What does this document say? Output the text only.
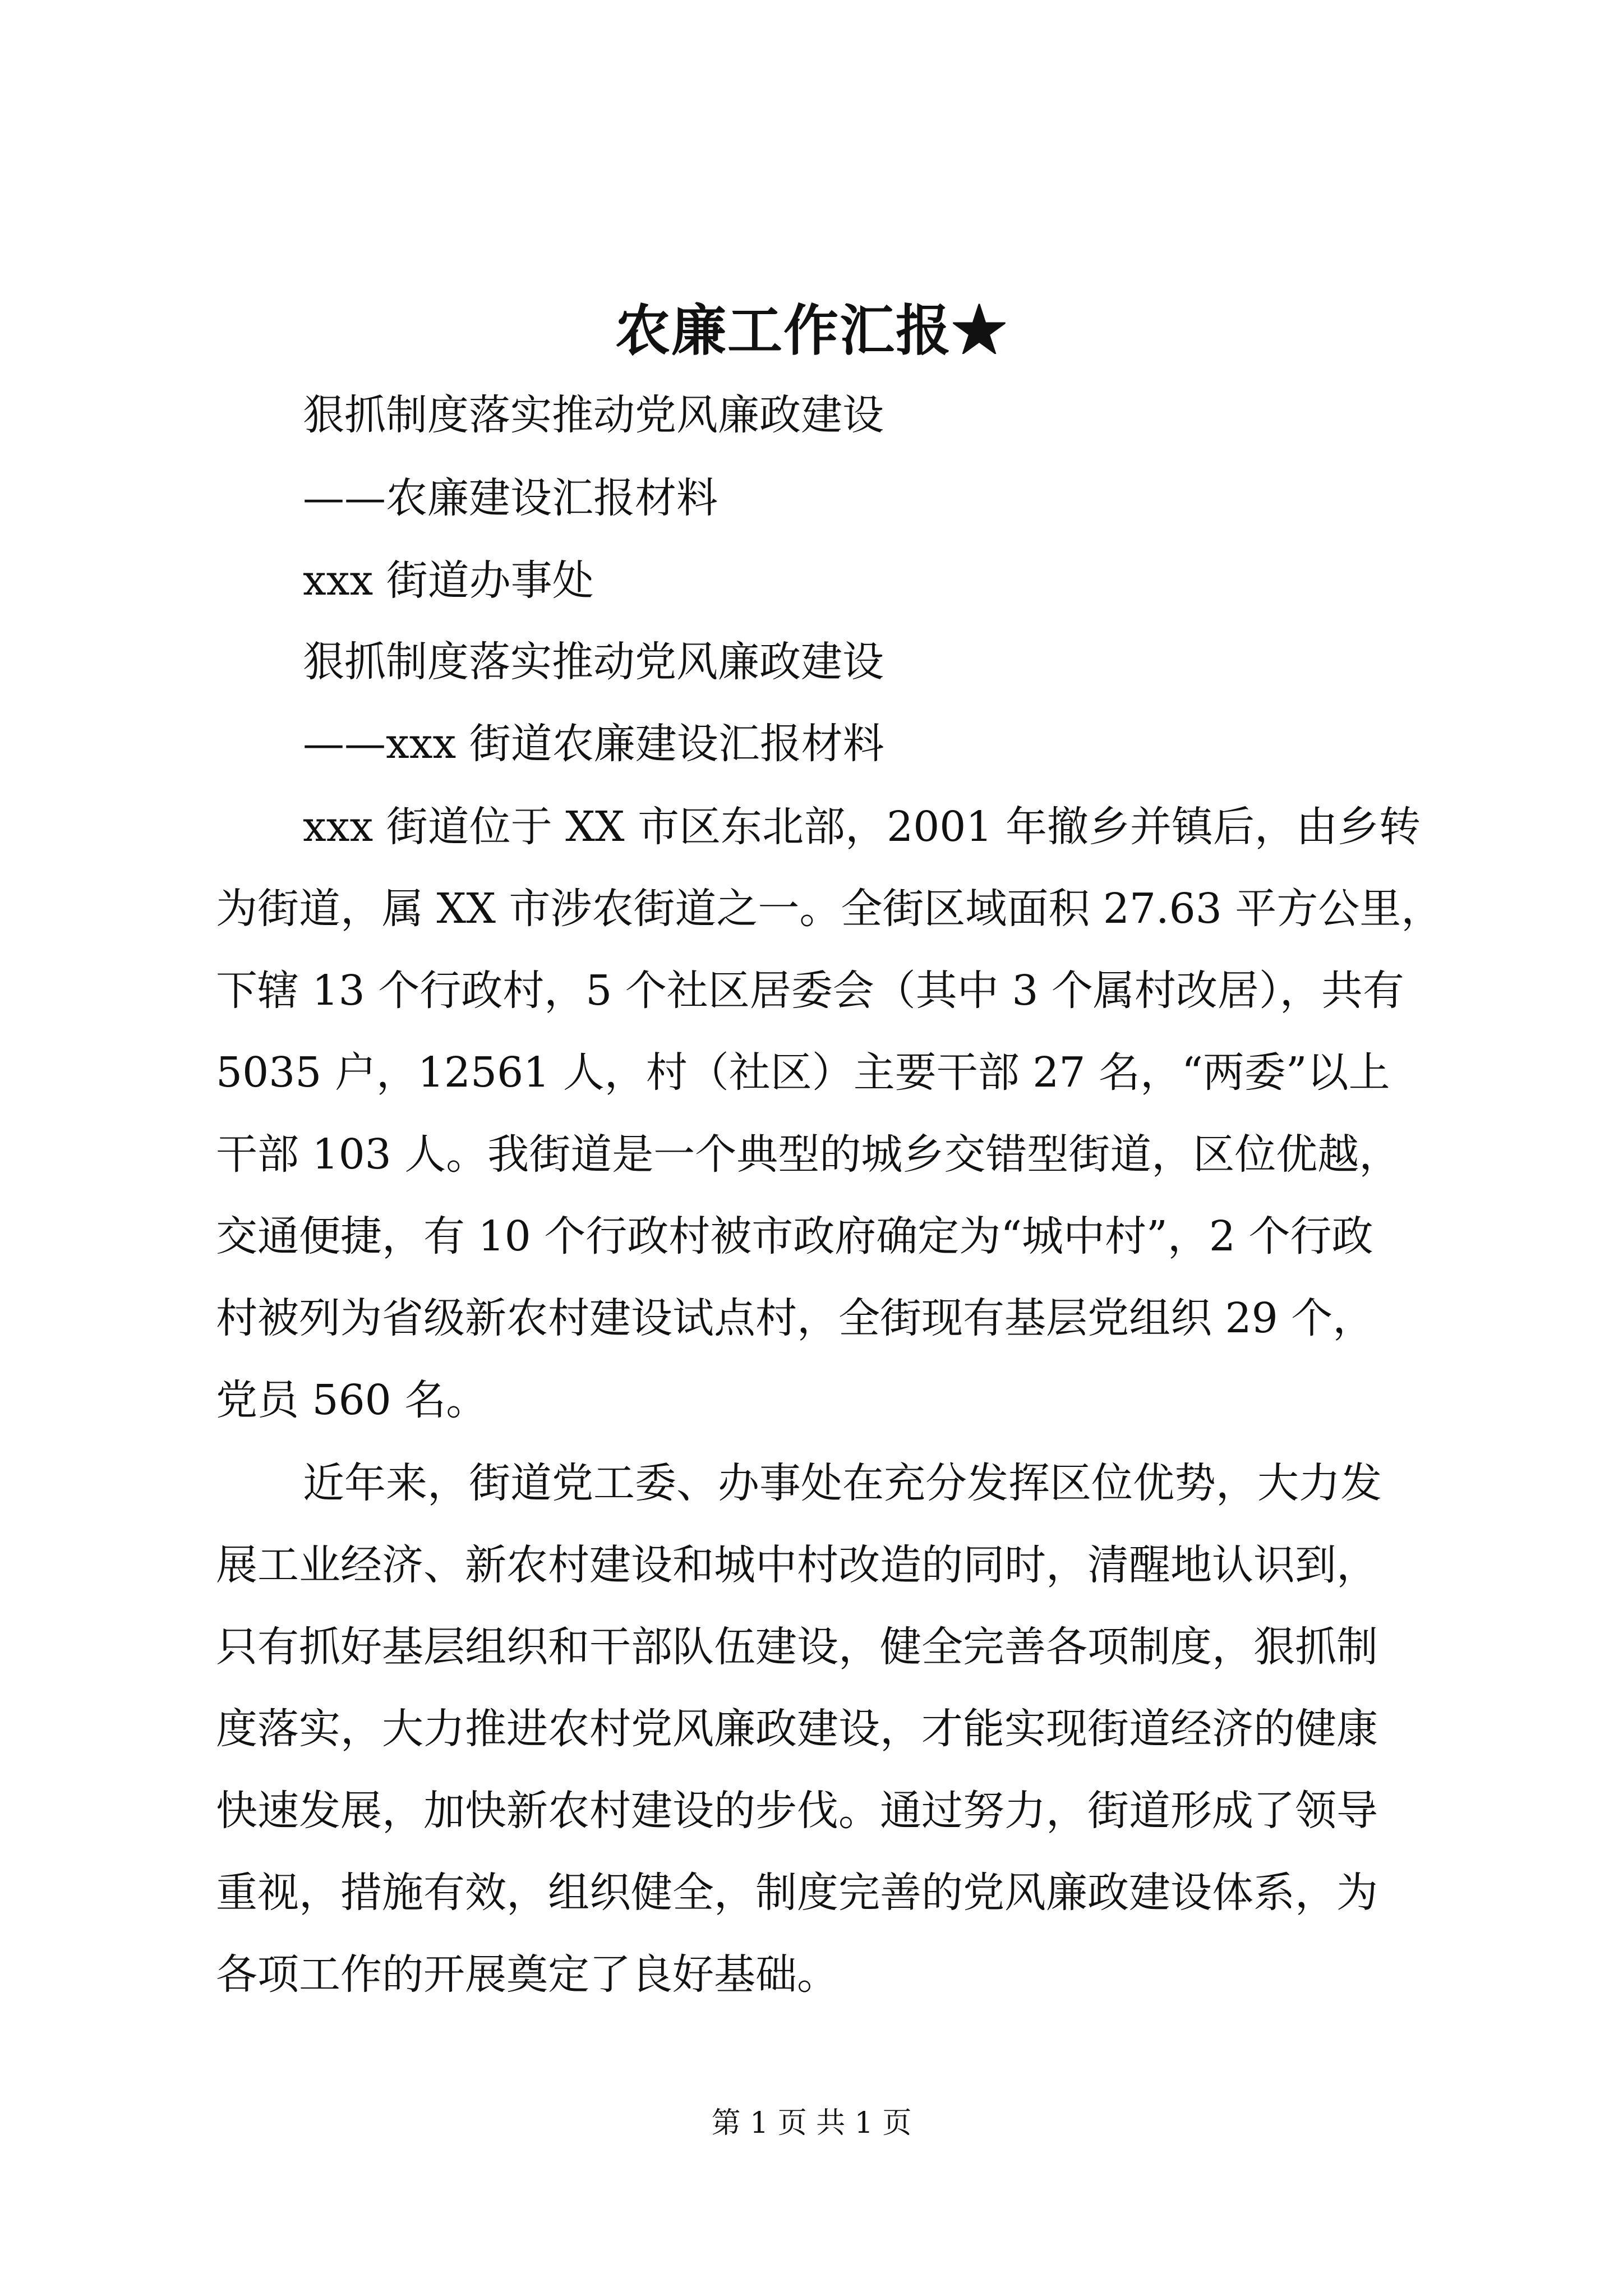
农廉工作汇报★
狠抓制度落实推动党风廉政建设
——农廉建设汇报材料
xxx 街道办事处
狠抓制度落实推动党风廉政建设
——xxx 街道农廉建设汇报材料
xxx 街道位于 XX 市区东北部，2001 年撤乡并镇后，由乡转
为街道，属 XX 市涉农街道之一。全街区域面积 27.63 平方公里，
下辖 13 个行政村，5 个社区居委会（其中 3 个属村改居），共有
5035 户，12561 人，村（社区）主要干部 27 名，“两委”以上
干部 103 人。我街道是一个典型的城乡交错型街道，区位优越，
交通便捷，有 10 个行政村被市政府确定为“城中村”，2 个行政
村被列为省级新农村建设试点村，全街现有基层党组织 29 个，
党员 560 名。
近年来，街道党工委、办事处在充分发挥区位优势，大力发
展工业经济、新农村建设和城中村改造的同时，清醒地认识到，
只有抓好基层组织和干部队伍建设，健全完善各项制度，狠抓制
度落实，大力推进农村党风廉政建设，才能实现街道经济的健康
快速发展，加快新农村建设的步伐。通过努力，街道形成了领导
重视，措施有效，组织健全，制度完善的党风廉政建设体系，为
各项工作的开展奠定了良好基础。
第 1 页 共 1 页
